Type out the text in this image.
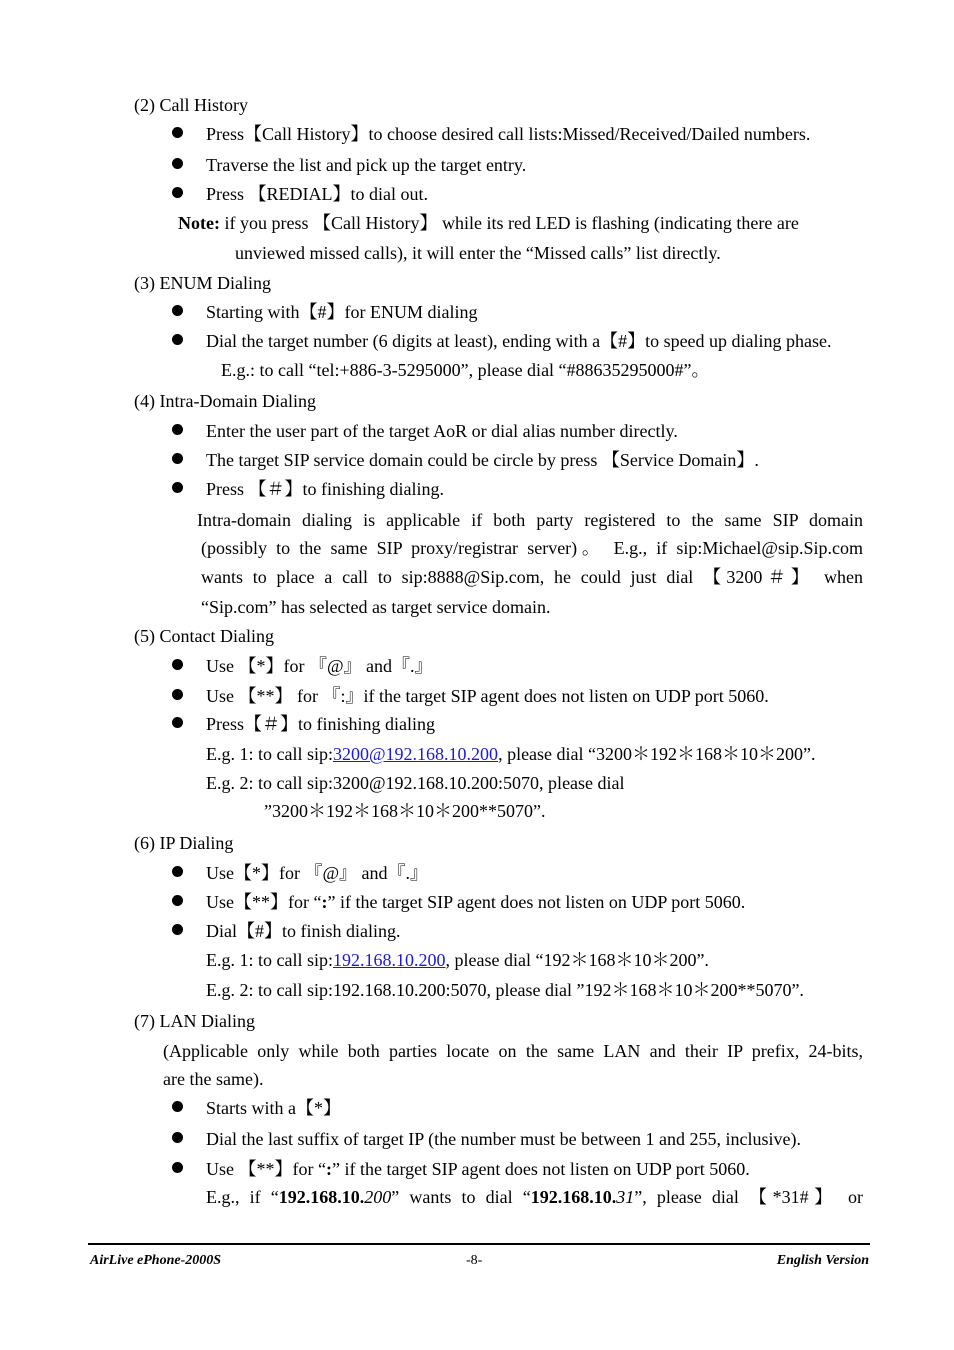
(2) Call History
Press【Call History】to choose desired call lists:Missed/Received/Dailed numbers.
Traverse the list and pick up the target entry.
Press 【REDIAL】to dial out.
Note: if you press 【Call History】 while its red LED is flashing (indicating there are
unviewed missed calls), it will enter the “Missed calls” list directly.
(3) ENUM Dialing
Starting with【#】for ENUM dialing
Dial the target number (6 digits at least), ending with a【#】to speed up dialing phase.
E.g.: to call “tel:+886-3-5295000”, please dial “#88635295000#”。
(4) Intra-Domain Dialing
Enter the user part of the target AoR or dial alias number directly.
The target SIP service domain could be circle by press 【Service Domain】.
Press 【＃】to finishing dialing.
Intra-domain dialing is applicable if both party registered to the same SIP domain
(possibly to the same SIP proxy/registrar server)。 E.g., if sip:Michael@sip.Sip.com
wants to place a call to sip:8888@Sip.com, he could just dial 【3200＃】 when
“Sip.com” has selected as target service domain.
(5) Contact Dialing
Use 【*】for 『@』 and『.』
Use 【**】 for 『:』if the target SIP agent does not listen on UDP port 5060.
Press【＃】to finishing dialing
E.g. 1: to call sip:3200@192.168.10.200, please dial “3200＊192＊168＊10＊200”.
E.g. 2: to call sip:3200@192.168.10.200:5070, please dial
”3200＊192＊168＊10＊200**5070”.
(6) IP Dialing
Use【*】for 『@』 and『.』
Use【**】for “:” if the target SIP agent does not listen on UDP port 5060.
Dial【#】to finish dialing.
E.g. 1: to call sip:192.168.10.200, please dial “192＊168＊10＊200”.
E.g. 2: to call sip:192.168.10.200:5070, please dial ”192＊168＊10＊200**5070”.
(7) LAN Dialing
(Applicable only while both parties locate on the same LAN and their IP prefix, 24-bits,
are the same).
Starts with a【*】
Dial the last suffix of target IP (the number must be between 1 and 255, inclusive).
Use 【**】for “:” if the target SIP agent does not listen on UDP port 5060.
E.g., if “192.168.10.200” wants to dial “192.168.10.31”, please dial 【*31#】 or
AirLive ePhone-2000S	-8-	English Version
